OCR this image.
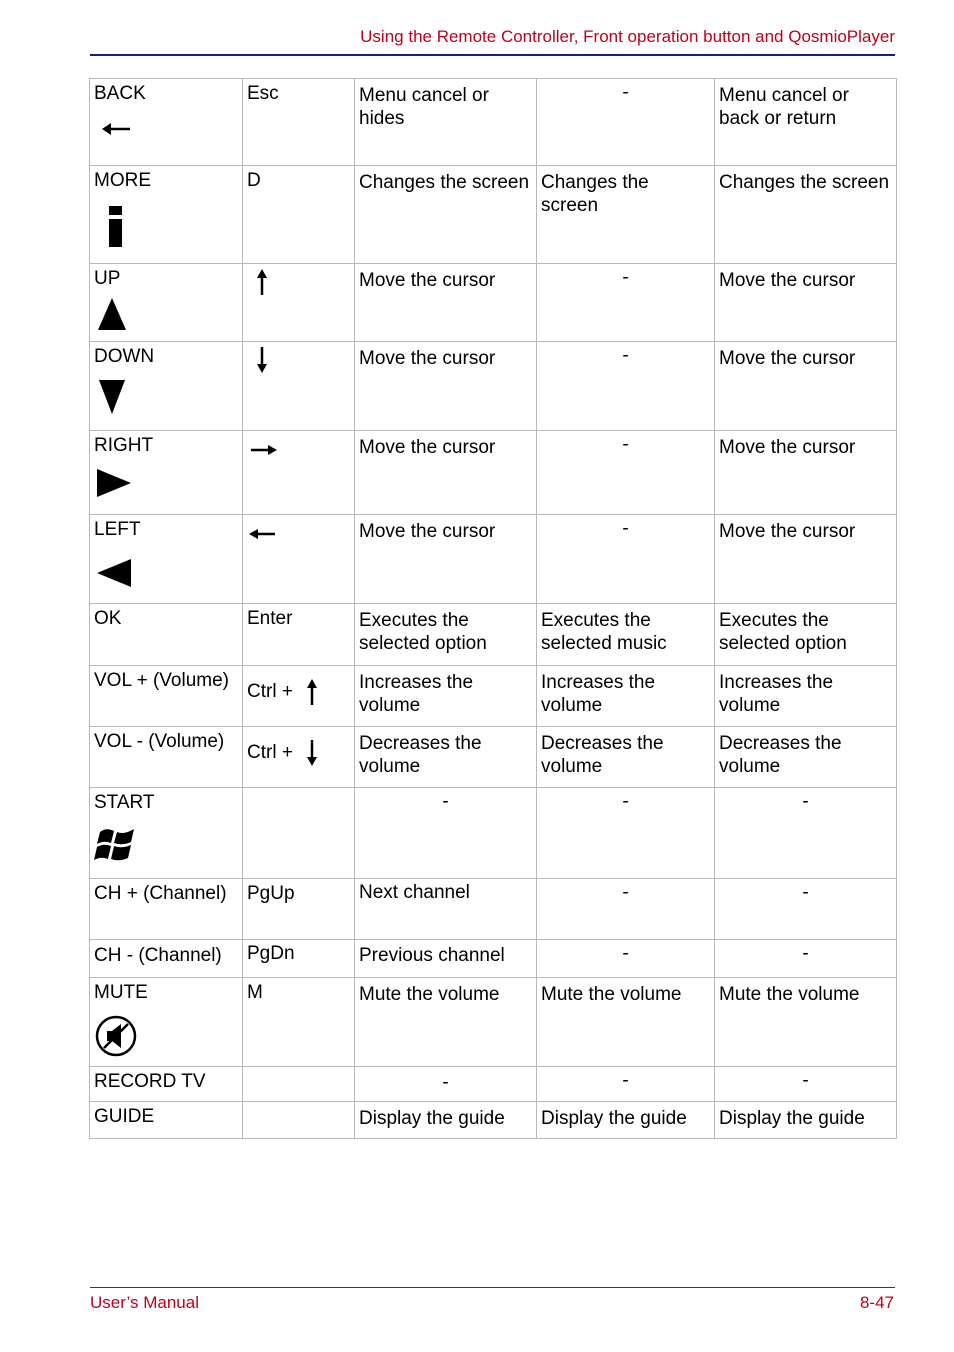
Using the Remote Controller, Front operation button and QosmioPlayer
BACK	Esc	Menu cancel or hides	-	Menu cancel or back or return
MORE	D	Changes the screen	Changes the screen	Changes the screen
UP		Move the cursor	-	Move the cursor
DOWN		Move the cursor	-	Move the cursor
RIGHT		Move the cursor	-	Move the cursor
LEFT		Move the cursor	-	Move the cursor
OK	Enter	Executes the selected option	Executes the selected music	Executes the selected option
VOL + (Volume)	Ctrl +	Increases the volume	Increases the volume	Increases the volume
VOL - (Volume)	Ctrl +	Decreases the volume	Decreases the volume	Decreases the volume
START		-	-	-
CH + (Channel)	PgUp	Next channel	-	-
CH - (Channel)	PgDn	Previous channel	-	-
MUTE	M	Mute the volume	Mute the volume	Mute the volume
RECORD TV		-	-	-
GUIDE		Display the guide	Display the guide	Display the guide
User’s Manual	8-47
